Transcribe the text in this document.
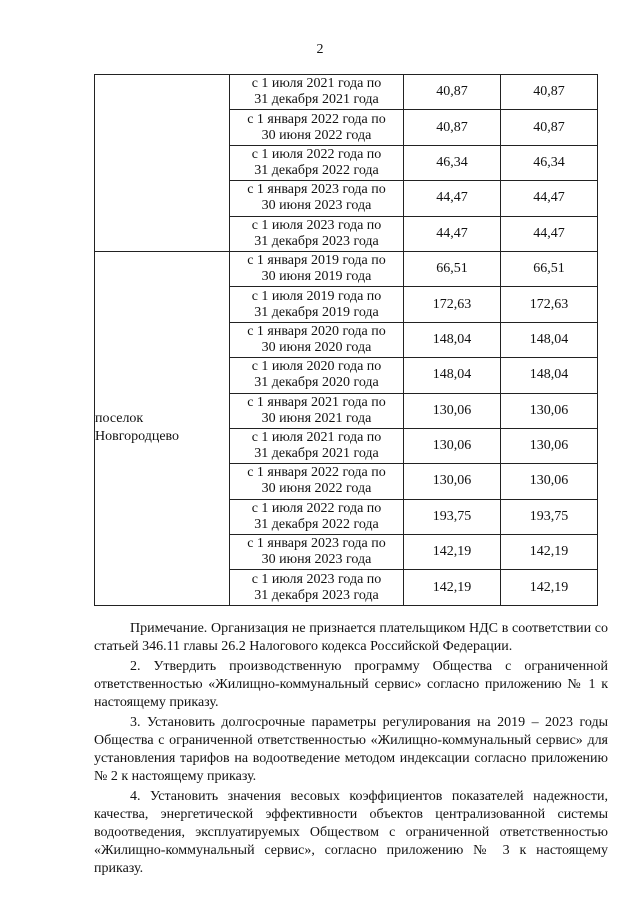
2

	с 1 июля 2021 года по
31 декабря 2021 года	40,87	40,87

	с 1 января 2022 года по
30 июня 2022 года	40,87	40,87

	с 1 июля 2022 года по
31 декабря 2022 года	46,34	46,34

	с 1 января 2023 года по
30 июня 2023 года	44,47	44,47

	с 1 июля 2023 года по
31 декабря 2023 года	44,47	44,47

поселок
Новгородцево	с 1 января 2019 года по
30 июня 2019 года	66,51	66,51

	с 1 июля 2019 года по
31 декабря 2019 года	172,63	172,63

	с 1 января 2020 года по
30 июня 2020 года	148,04	148,04

	с 1 июля 2020 года по
31 декабря 2020 года	148,04	148,04

	с 1 января 2021 года по
30 июня 2021 года	130,06	130,06

	с 1 июля 2021 года по
31 декабря 2021 года	130,06	130,06

	с 1 января 2022 года по
30 июня 2022 года	130,06	130,06

	с 1 июля 2022 года по
31 декабря 2022 года	193,75	193,75

	с 1 января 2023 года по
30 июня 2023 года	142,19	142,19

	с 1 июля 2023 года по
31 декабря 2023 года	142,19	142,19

Примечание. Организация не признается плательщиком НДС в соответствии со статьей 346.11 главы 26.2 Налогового кодекса Российской Федерации.

2. Утвердить производственную программу Общества с ограниченной ответственностью «Жилищно-коммунальный сервис» согласно приложению № 1 к настоящему приказу.

3. Установить долгосрочные параметры регулирования на 2019 – 2023 годы Общества с ограниченной ответственностью «Жилищно-коммунальный сервис» для установления тарифов на водоотведение методом индексации согласно приложению № 2 к настоящему приказу.

4. Установить значения весовых коэффициентов показателей надежности, качества, энергетической эффективности объектов централизованной системы водоотведения, эксплуатируемых Обществом с ограниченной ответственностью «Жилищно-коммунальный сервис», согласно приложению № 3 к настоящему приказу.
